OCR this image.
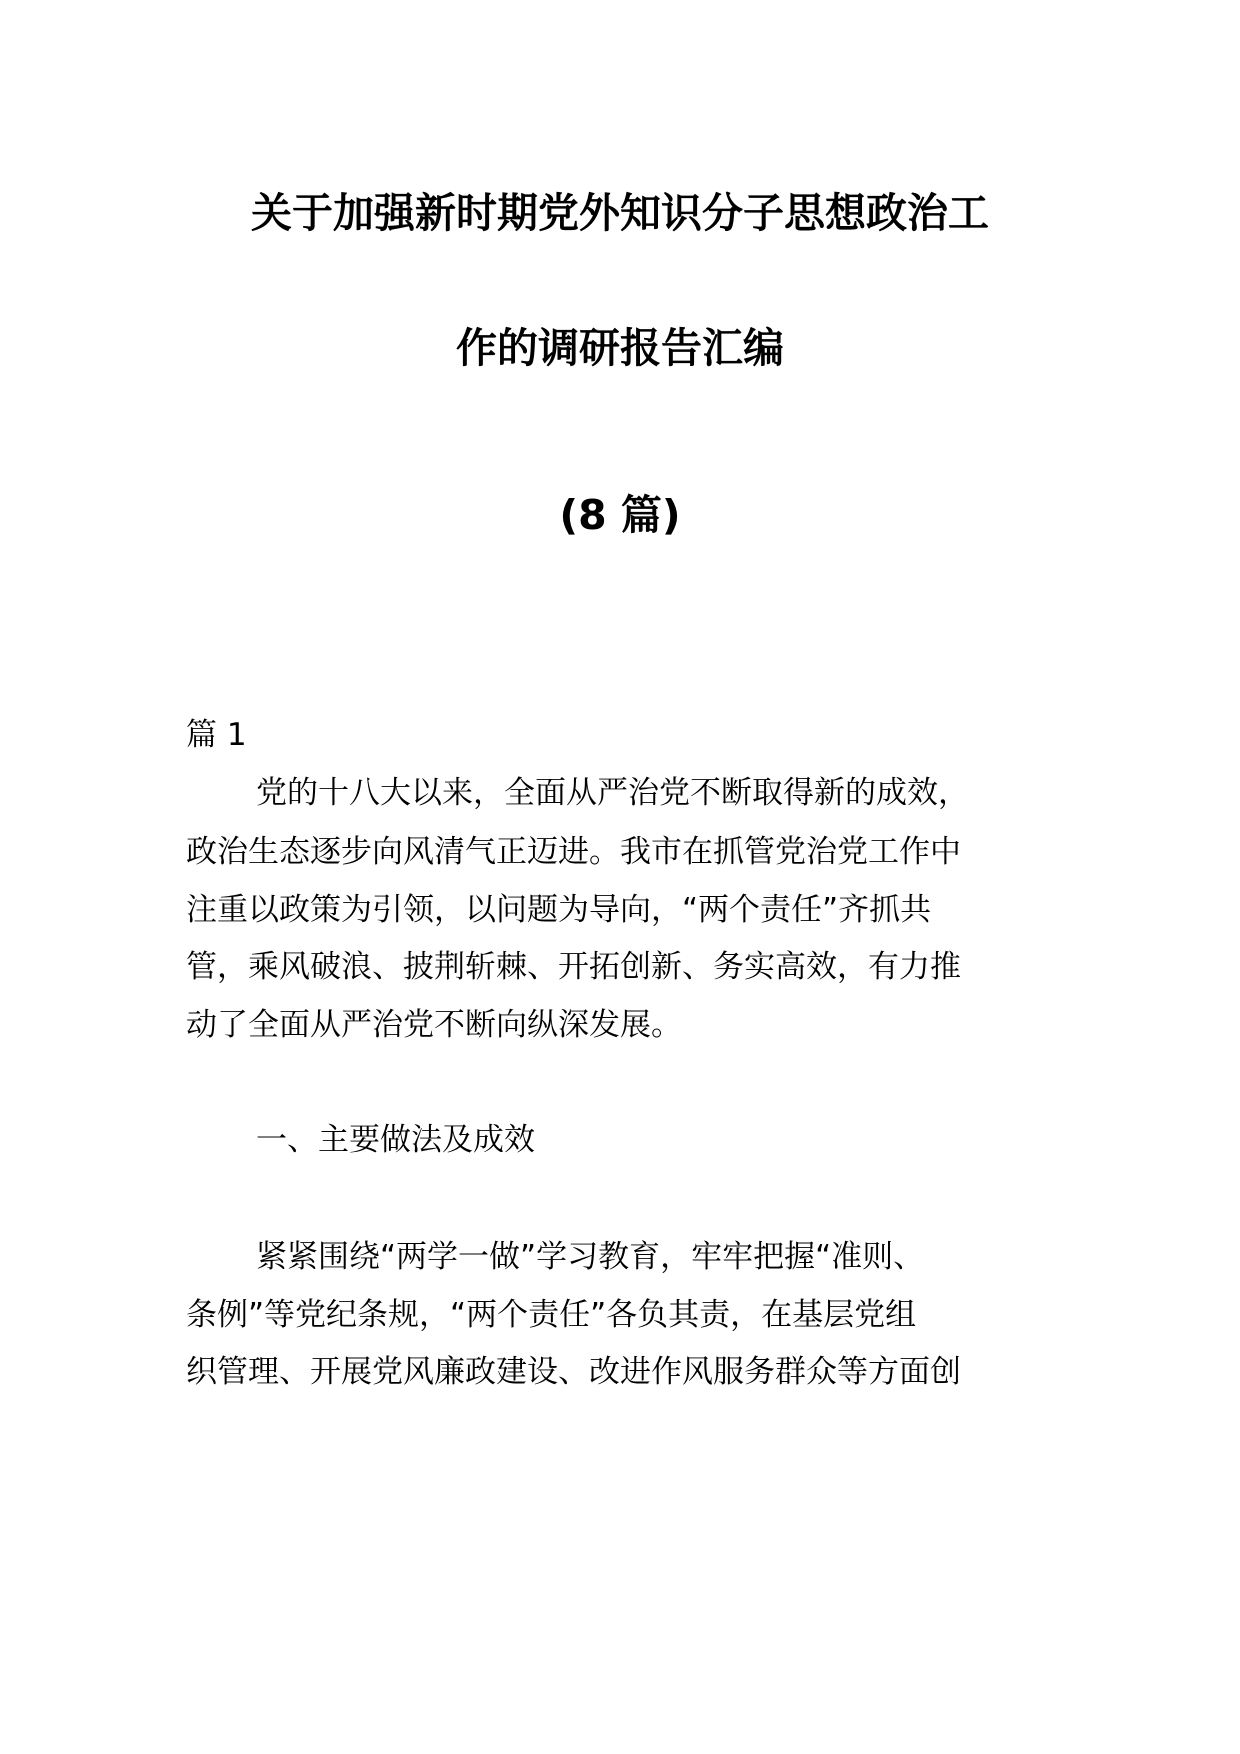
关于加强新时期党外知识分子思想政治工
作的调研报告汇编
(8 篇)

篇 1

党的十八大以来，全面从严治党不断取得新的成效，

政治生态逐步向风清气正迈进。我市在抓管党治党工作中

注重以政策为引领，以问题为导向，“两个责任”齐抓共

管，乘风破浪、披荆斩棘、开拓创新、务实高效，有力推

动了全面从严治党不断向纵深发展。

一、主要做法及成效

紧紧围绕“两学一做”学习教育，牢牢把握“准则、

条例”等党纪条规，“两个责任”各负其责，在基层党组

织管理、开展党风廉政建设、改进作风服务群众等方面创
